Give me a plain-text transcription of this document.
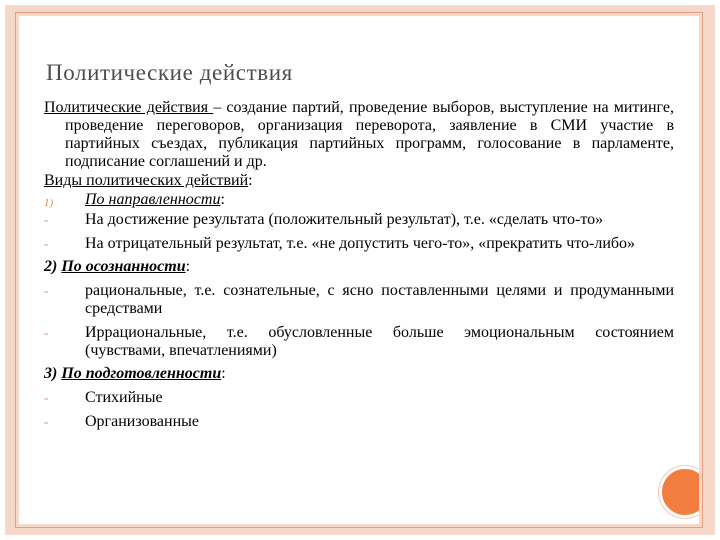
Политические действия

Политические действия – создание партий, проведение выборов, выступление на митинге, проведение переговоров, организация переворота, заявление в СМИ участие в партийных съездах, публикация партийных программ, голосование в парламенте, подписание соглашений и др.

Виды политических действий:

1) По направленности:

- На достижение результата (положительный результат), т.е. «сделать что-то»

- На отрицательный результат, т.е. «не допустить чего-то», «прекратить что-либо»

2) По осознанности:

- рациональные, т.е. сознательные, с ясно поставленными целями и продуманными средствами

- Иррациональные, т.е. обусловленные больше эмоциональным состоянием (чувствами, впечатлениями)

3) По подготовленности:

- Стихийные

- Организованные
